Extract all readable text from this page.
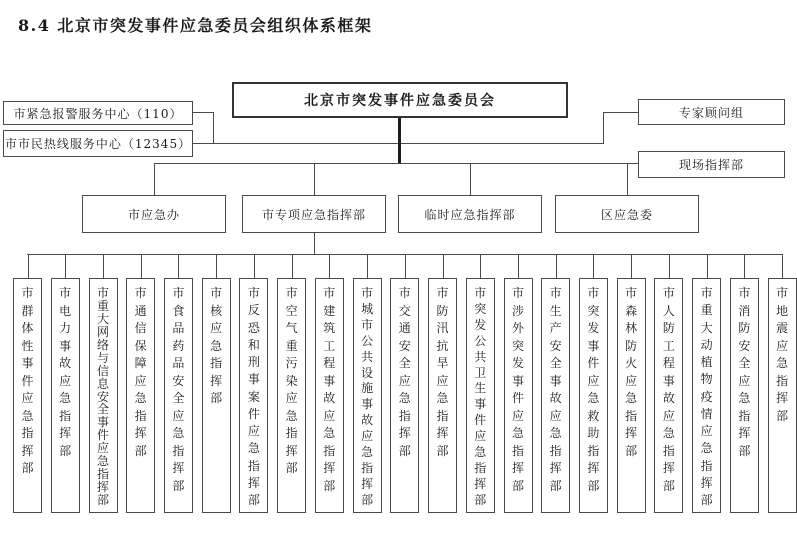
8.4 北京市突发事件应急委员会组织体系框架
北京市突发事件应急委员会
市紧急报警服务中心（110）
市市民热线服务中心（12345）
专家顾问组
现场指挥部
市应急办	市专项应急指挥部	临时应急指挥部	区应急委
市
群
体
性
事
件
应
急
指
挥
部
市
电
力
事
故
应
急
指
挥
部
市
重
大
网
络
与
信
息
安
全
事
件
应
急
指
挥
部
市
通
信
保
障
应
急
指
挥
部
市
食
品
药
品
安
全
应
急
指
挥
部
市
核
应
急
指
挥
部
市
反
恐
和
刑
事
案
件
应
急
指
挥
部
市
空
气
重
污
染
应
急
指
挥
部
市
建
筑
工
程
事
故
应
急
指
挥
部
市
城
市
公
共
设
施
事
故
应
急
指
挥
部
市
交
通
安
全
应
急
指
挥
部
市
防
汛
抗
旱
应
急
指
挥
部
市
突
发
公
共
卫
生
事
件
应
急
指
挥
部
市
涉
外
突
发
事
件
应
急
指
挥
部
市
生
产
安
全
事
故
应
急
指
挥
部
市
突
发
事
件
应
急
救
助
指
挥
部
市
森
林
防
火
应
急
指
挥
部
市
人
防
工
程
事
故
应
急
指
挥
部
市
重
大
动
植
物
疫
情
应
急
指
挥
部
市
消
防
安
全
应
急
指
挥
部
市
地
震
应
急
指
挥
部
